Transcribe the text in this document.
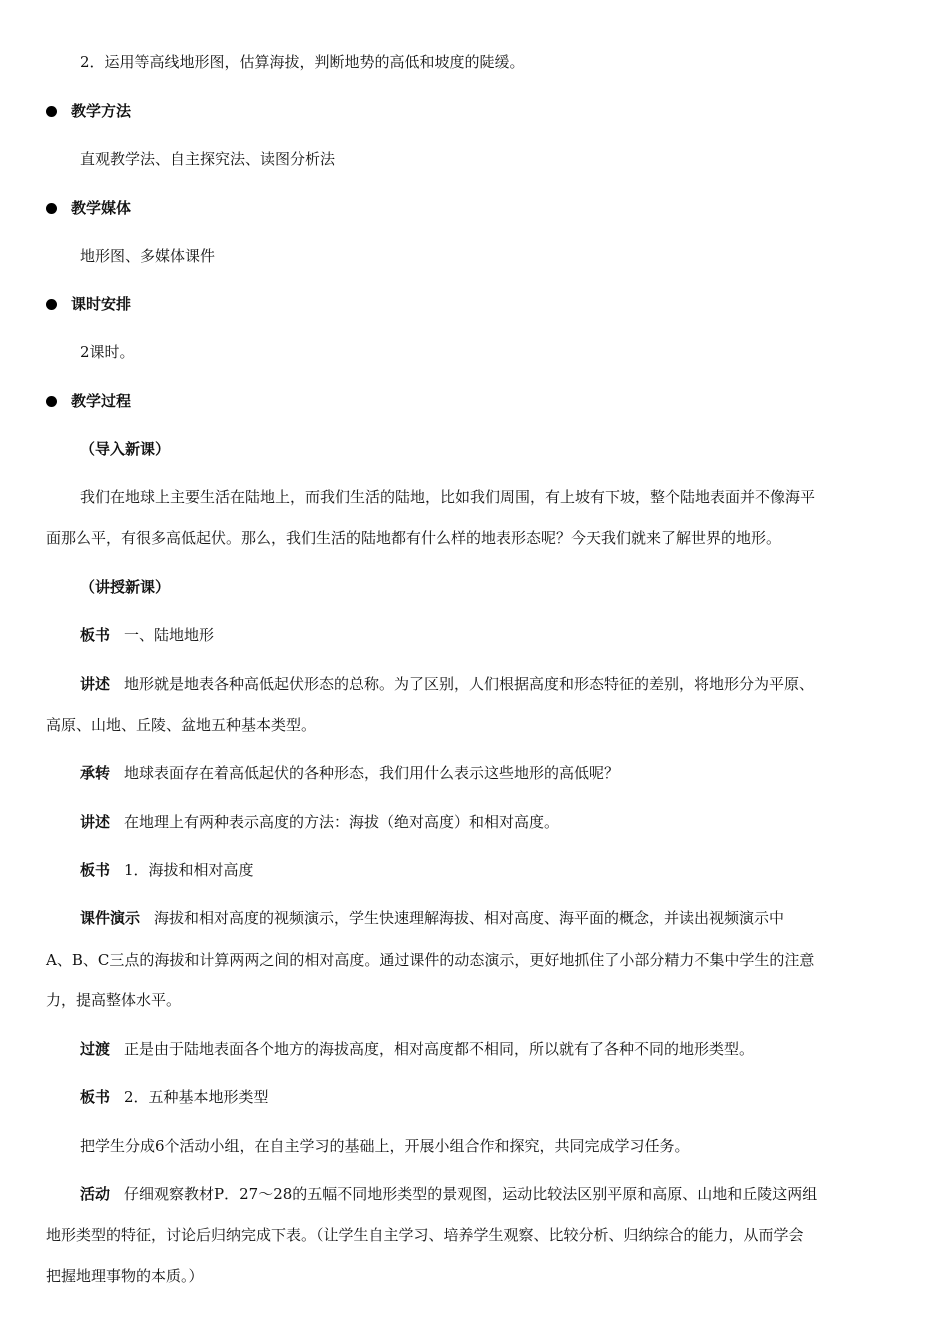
2．运用等高线地形图，估算海拔，判断地势的高低和坡度的陡缓。
教学方法
直观教学法、自主探究法、读图分析法
教学媒体
地形图、多媒体课件
课时安排
2课时。
教学过程
（导入新课）
我们在地球上主要生活在陆地上，而我们生活的陆地，比如我们周围，有上坡有下坡，整个陆地表面并不像海平
面那么平，有很多高低起伏。那么，我们生活的陆地都有什么样的地表形态呢？今天我们就来了解世界的地形。
（讲授新课）
板书 一、陆地地形
讲述 地形就是地表各种高低起伏形态的总称。为了区别，人们根据高度和形态特征的差别，将地形分为平原、
高原、山地、丘陵、盆地五种基本类型。
承转 地球表面存在着高低起伏的各种形态，我们用什么表示这些地形的高低呢？
讲述 在地理上有两种表示高度的方法：海拔（绝对高度）和相对高度。
板书 1．海拔和相对高度
课件演示 海拔和相对高度的视频演示，学生快速理解海拔、相对高度、海平面的概念，并读出视频演示中
A、B、C三点的海拔和计算两两之间的相对高度。通过课件的动态演示，更好地抓住了小部分精力不集中学生的注意
力，提高整体水平。
过渡 正是由于陆地表面各个地方的海拔高度，相对高度都不相同，所以就有了各种不同的地形类型。
板书 2．五种基本地形类型
把学生分成6个活动小组，在自主学习的基础上，开展小组合作和探究，共同完成学习任务。
活动 仔细观察教材P．27～28的五幅不同地形类型的景观图，运动比较法区别平原和高原、山地和丘陵这两组
地形类型的特征，讨论后归纳完成下表。（让学生自主学习、培养学生观察、比较分析、归纳综合的能力，从而学会
把握地理事物的本质。）
